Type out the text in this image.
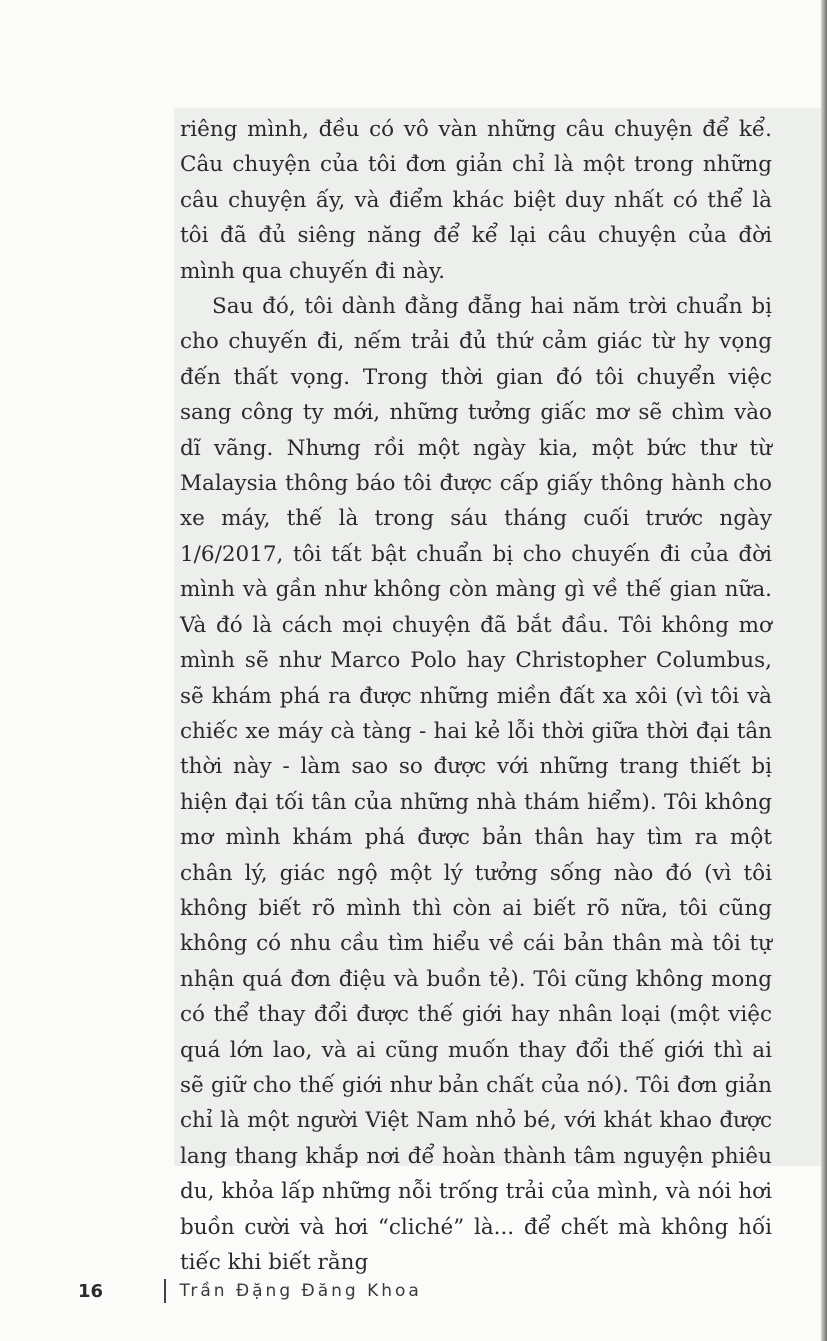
riêng mình, đều có vô vàn những câu chuyện để kể. Câu chuyện của tôi đơn giản chỉ là một trong những câu chuyện ấy, và điểm khác biệt duy nhất có thể là tôi đã đủ siêng năng để kể lại câu chuyện của đời mình qua chuyến đi này.

Sau đó, tôi dành đằng đẵng hai năm trời chuẩn bị cho chuyến đi, nếm trải đủ thứ cảm giác từ hy vọng đến thất vọng. Trong thời gian đó tôi chuyển việc sang công ty mới, những tưởng giấc mơ sẽ chìm vào dĩ vãng. Nhưng rồi một ngày kia, một bức thư từ Malaysia thông báo tôi được cấp giấy thông hành cho xe máy, thế là trong sáu tháng cuối trước ngày 1/6/2017, tôi tất bật chuẩn bị cho chuyến đi của đời mình và gần như không còn màng gì về thế gian nữa. Và đó là cách mọi chuyện đã bắt đầu. Tôi không mơ mình sẽ như Marco Polo hay Christopher Columbus, sẽ khám phá ra được những miền đất xa xôi (vì tôi và chiếc xe máy cà tàng - hai kẻ lỗi thời giữa thời đại tân thời này - làm sao so được với những trang thiết bị hiện đại tối tân của những nhà thám hiểm). Tôi không mơ mình khám phá được bản thân hay tìm ra một chân lý, giác ngộ một lý tưởng sống nào đó (vì tôi không biết rõ mình thì còn ai biết rõ nữa, tôi cũng không có nhu cầu tìm hiểu về cái bản thân mà tôi tự nhận quá đơn điệu và buồn tẻ). Tôi cũng không mong có thể thay đổi được thế giới hay nhân loại (một việc quá lớn lao, và ai cũng muốn thay đổi thế giới thì ai sẽ giữ cho thế giới như bản chất của nó). Tôi đơn giản chỉ là một người Việt Nam nhỏ bé, với khát khao được lang thang khắp nơi để hoàn thành tâm nguyện phiêu du, khỏa lấp những nỗi trống trải của mình, và nói hơi buồn cười và hơi “cliché” là... để chết mà không hối tiếc khi biết rằng

16	Trần Đặng Đăng Khoa
